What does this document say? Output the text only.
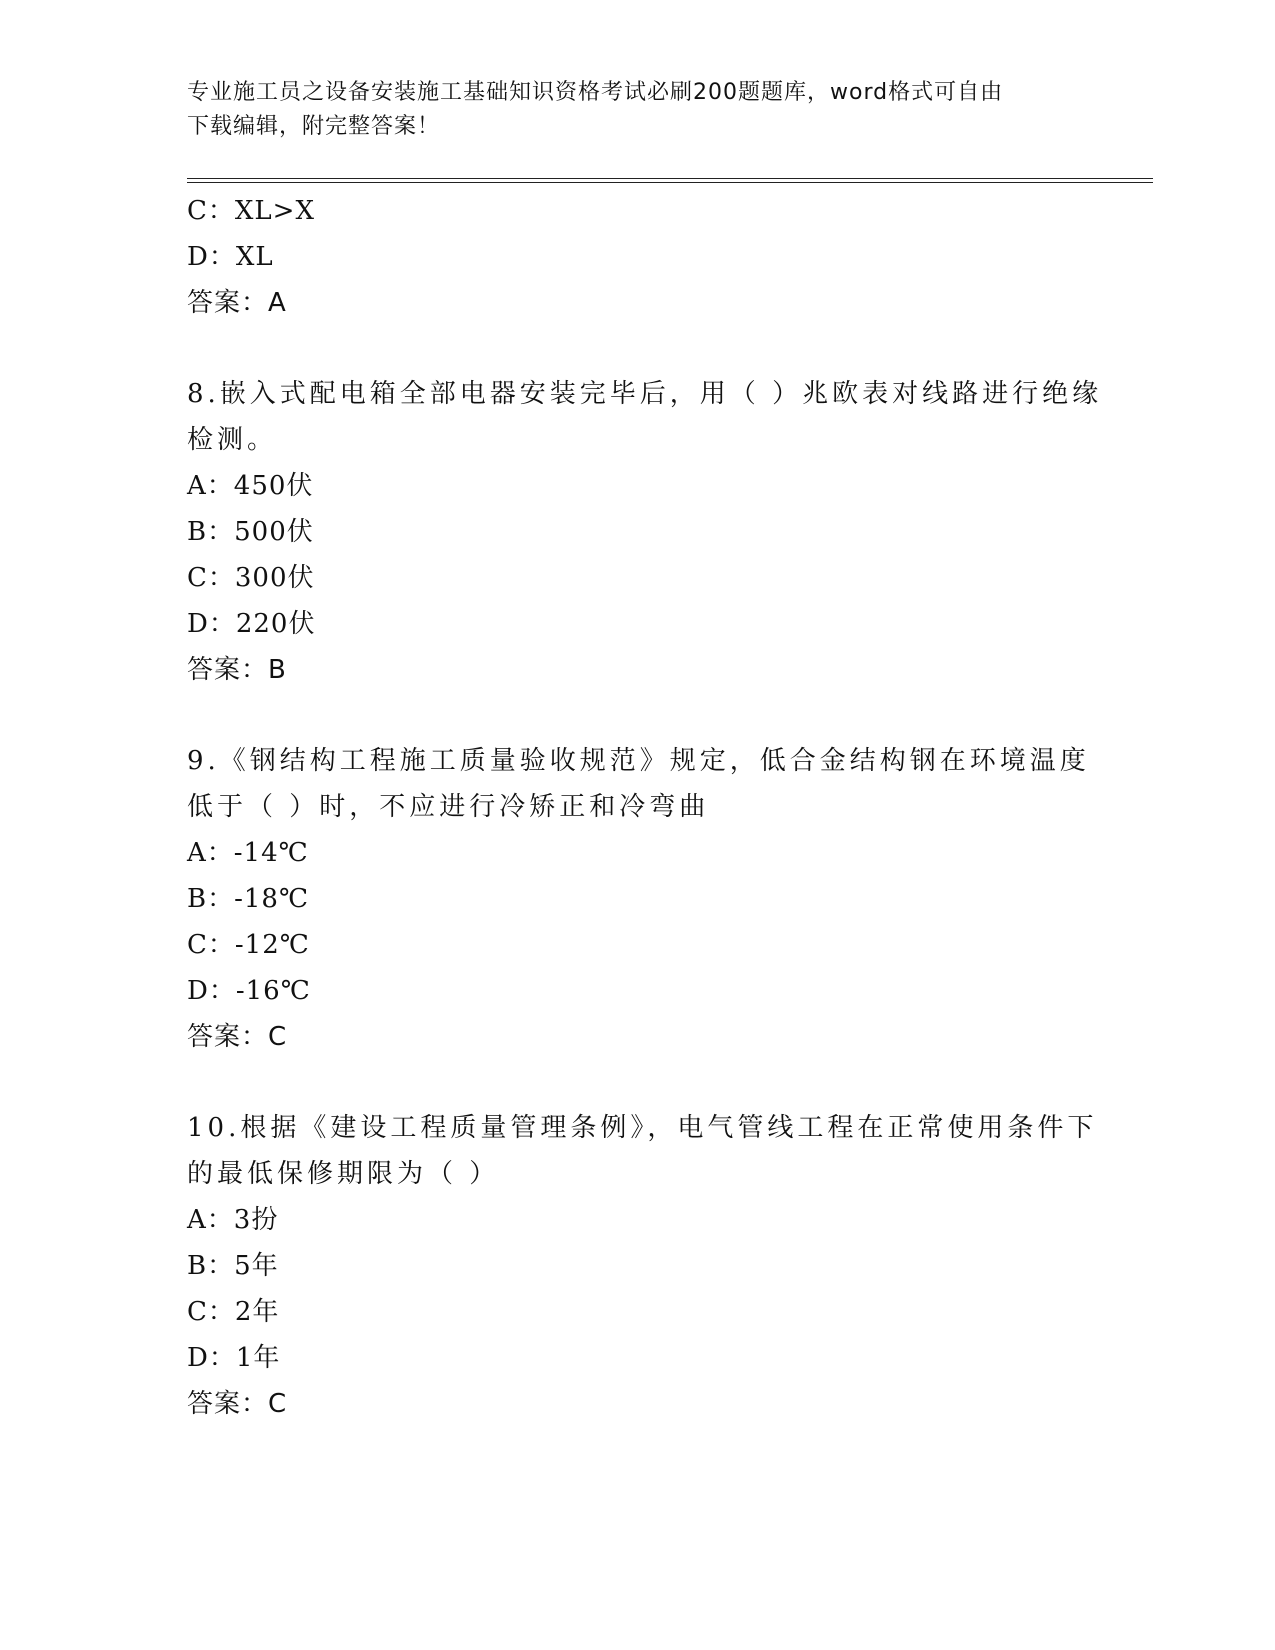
专业施工员之设备安装施工基础知识资格考试必刷200题题库，word格式可自由
下载编辑，附完整答案！
C：XL>X
D：XL
答案：A
8.嵌入式配电箱全部电器安装完毕后，用（ ）兆欧表对线路进行绝缘
检测。
A：450伏
B：500伏
C：300伏
D：220伏
答案：B
9.《钢结构工程施工质量验收规范》规定，低合金结构钢在环境温度
低于（ ）时，不应进行冷矫正和冷弯曲
A：-14℃
B：-18℃
C：-12℃
D：-16℃
答案：C
10.根据《建设工程质量管理条例》，电气管线工程在正常使用条件下
的最低保修期限为（ ）
A：3扮
B：5年
C：2年
D：1年
答案：C
